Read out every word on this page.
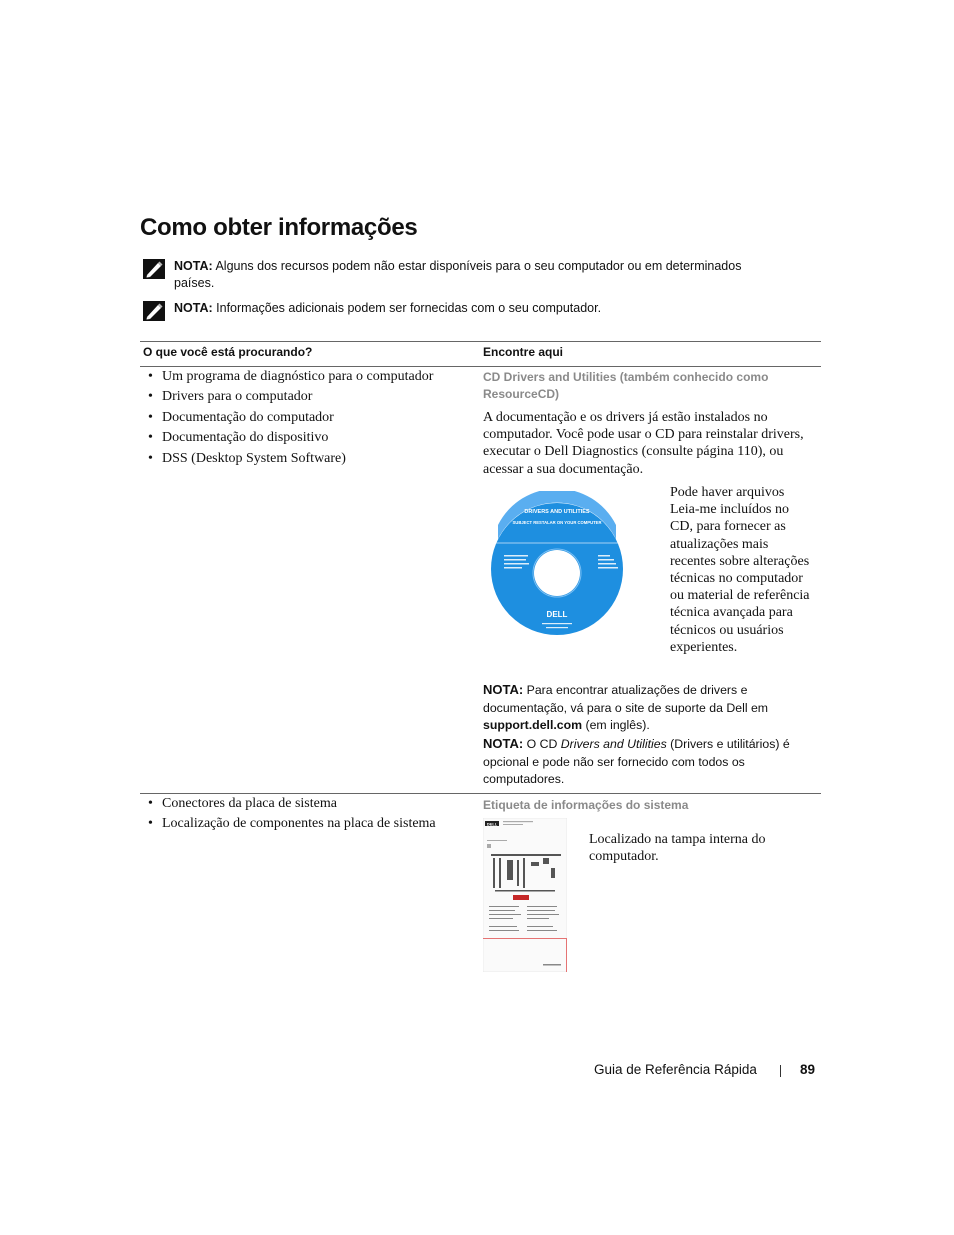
Como obter informações
NOTA: Alguns dos recursos podem não estar disponíveis para o seu computador ou em determinados
países.
NOTA: Informações adicionais podem ser fornecidas com o seu computador.
O que você está procurando?	Encontre aqui
• Um programa de diagnóstico para o computador
• Drivers para o computador
• Documentação do computador
• Documentação do dispositivo
• DSS (Desktop System Software)
CD Drivers and Utilities (também conhecido como
ResourceCD)
A documentação e os drivers já estão instalados no
computador. Você pode usar o CD para reinstalar drivers,
executar o Dell Diagnostics (consulte página 110), ou
acessar a sua documentação.
DRIVERS AND UTILITIES
SUBJECT RESTALAR ON YOUR COMPUTER
DELL
Pode haver arquivos
Leia-me incluídos no
CD, para fornecer as
atualizações mais
recentes sobre alterações
técnicas no computador
ou material de referência
técnica avançada para
técnicos ou usuários
experientes.
NOTA: Para encontrar atualizações de drivers e
documentação, vá para o site de suporte da Dell em
support.dell.com (em inglês).
NOTA: O CD Drivers and Utilities (Drivers e utilitários) é
opcional e pode não ser fornecido com todos os
computadores.
• Conectores da placa de sistema
• Localização de componentes na placa de sistema
Etiqueta de informações do sistema
DELL
Localizado na tampa interna do
computador.
Guia de Referência Rápida	89
